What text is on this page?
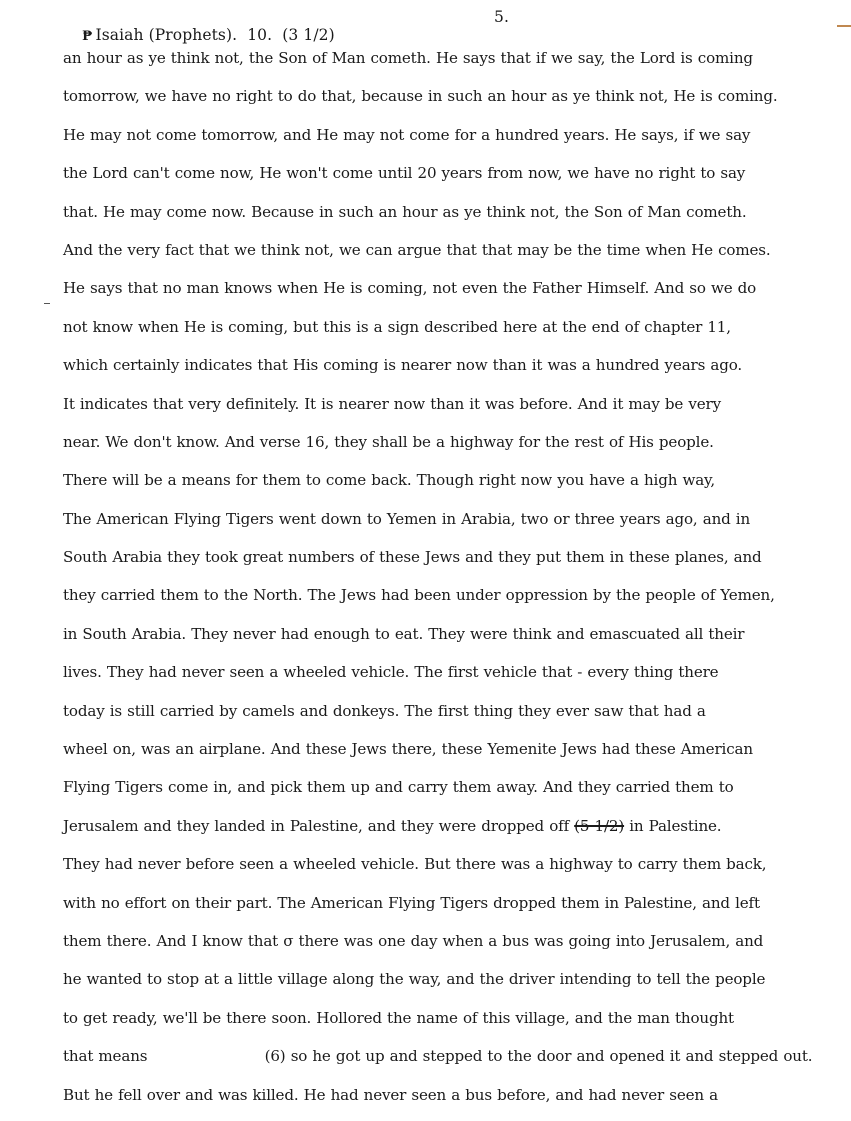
₱ Isaiah (Prophets).  10.  (3 1/2)

5.

an hour as ye think not, the Son of Man cometh. He says that if we say, the Lord is coming
tomorrow, we have no right to do that, because in such an hour as ye think not, He is coming.
He may not come tomorrow, and He may not come for a hundred years. He says, if we say
the Lord can't come now, He won't come until 20 years from now, we have no right to say
that. He may come now. Because in such an hour as ye think not, the Son of Man cometh.
And the very fact that we think not, we can argue that that may be the time when He comes.
He says that no man knows when He is coming, not even the Father Himself. And so we do
not know when He is coming, but this is a sign described here at the end of chapter 11,
which certainly indicates that His coming is nearer now than it was a hundred years ago.
It indicates that very definitely. It is nearer now than it was before. And it may be very
near. We don't know. And verse 16, they shall be a highway for the rest of His people.
There will be a means for them to come back. Though right now you have a high way,
The American Flying Tigers went down to Yemen in Arabia, two or three years ago, and in
South Arabia they took great numbers of these Jews and they put them in these planes, and
they carried them to the North. The Jews had been under oppression by the people of Yemen,
in South Arabia. They never had enough to eat. They were think and emascuated all their
lives. They had never seen a wheeled vehicle. The first vehicle that - every thing there
today is still carried by camels and donkeys. The first thing they ever saw that had a
wheel on, was an airplane. And these Jews there, these Yemenite Jews had these American
Flying Tigers come in, and pick them up and carry them away. And they carried them to
Jerusalem and they landed in Palestine, and they were dropped off (5 1/2) in Palestine.
They had never before seen a wheeled vehicle. But there was a highway to carry them back,
with no effort on their part. The American Flying Tigers dropped them in Palestine, and left
them there. And I know that σ there was one day when a bus was going into Jerusalem, and
he wanted to stop at a little village along the way, and the driver intending to tell the people
to get ready, we'll be there soon. Hollored the name of this village, and the man thought
that means	(6) so he got up and stepped to the door and opened it and stepped out.
But he fell over and was killed. He had never seen a bus before, and had never seen a
